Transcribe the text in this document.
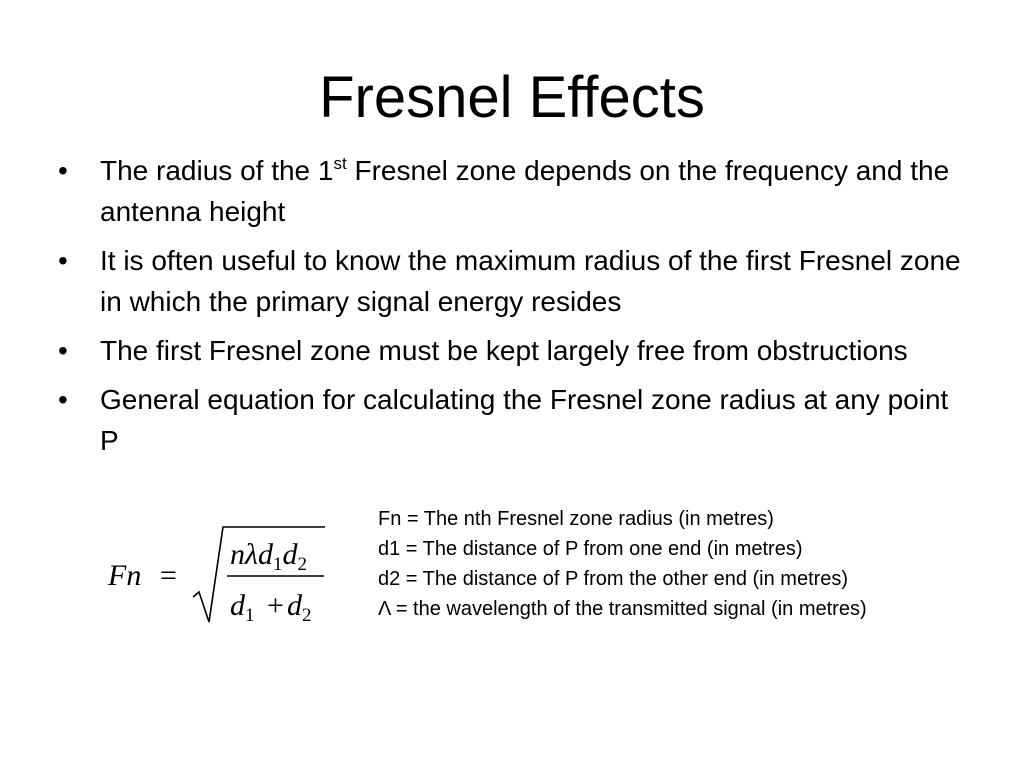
Fresnel Effects
•	The radius of the 1st Fresnel zone depends on the frequency and the antenna height
•	It is often useful to know the maximum radius of the first Fresnel zone in which the primary signal energy resides
•	The first Fresnel zone must be kept largely free from obstructions
•	General equation for calculating the Fresnel zone radius at any point P
Fn =
$n\lambda d_1d_2$
$d_1 + d_2$
Fn = The nth Fresnel zone radius (in metres)
d1 = The distance of P from one end (in metres)
d2 = The distance of P from the other end (in metres)
Λ = the wavelength of the transmitted signal (in metres)
